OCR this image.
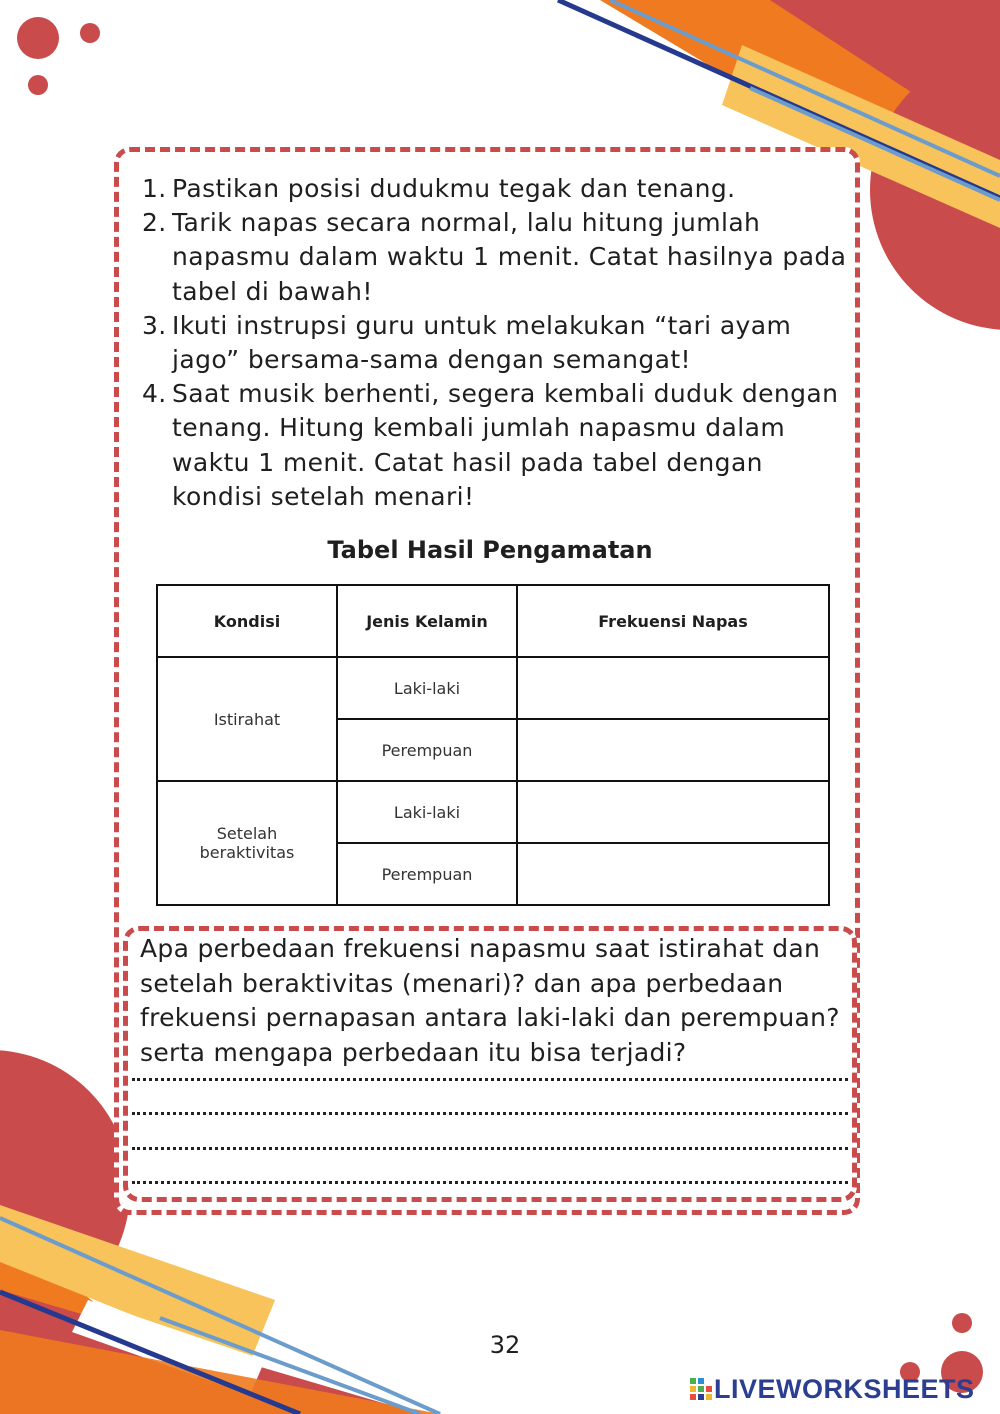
1. Pastikan posisi dudukmu tegak dan tenang.
2. Tarik napas secara normal, lalu hitung jumlah napasmu dalam waktu 1 menit. Catat hasilnya pada tabel di bawah!
3. Ikuti instrupsi guru untuk melakukan “tari ayam jago” bersama-sama dengan semangat!
4. Saat musik berhenti, segera kembali duduk dengan tenang. Hitung kembali jumlah napasmu dalam waktu 1 menit. Catat hasil pada tabel dengan kondisi setelah menari!
Tabel Hasil Pengamatan
Kondisi	Jenis Kelamin	Frekuensi Napas
Istirahat	Laki-laki	
	Perempuan	
Setelah beraktivitas	Laki-laki	
	Perempuan	
Apa perbedaan frekuensi napasmu saat istirahat dan setelah beraktivitas (menari)? dan apa perbedaan frekuensi pernapasan antara laki-laki dan perempuan? serta mengapa perbedaan itu bisa terjadi?
32
LIVEWORKSHEETS
